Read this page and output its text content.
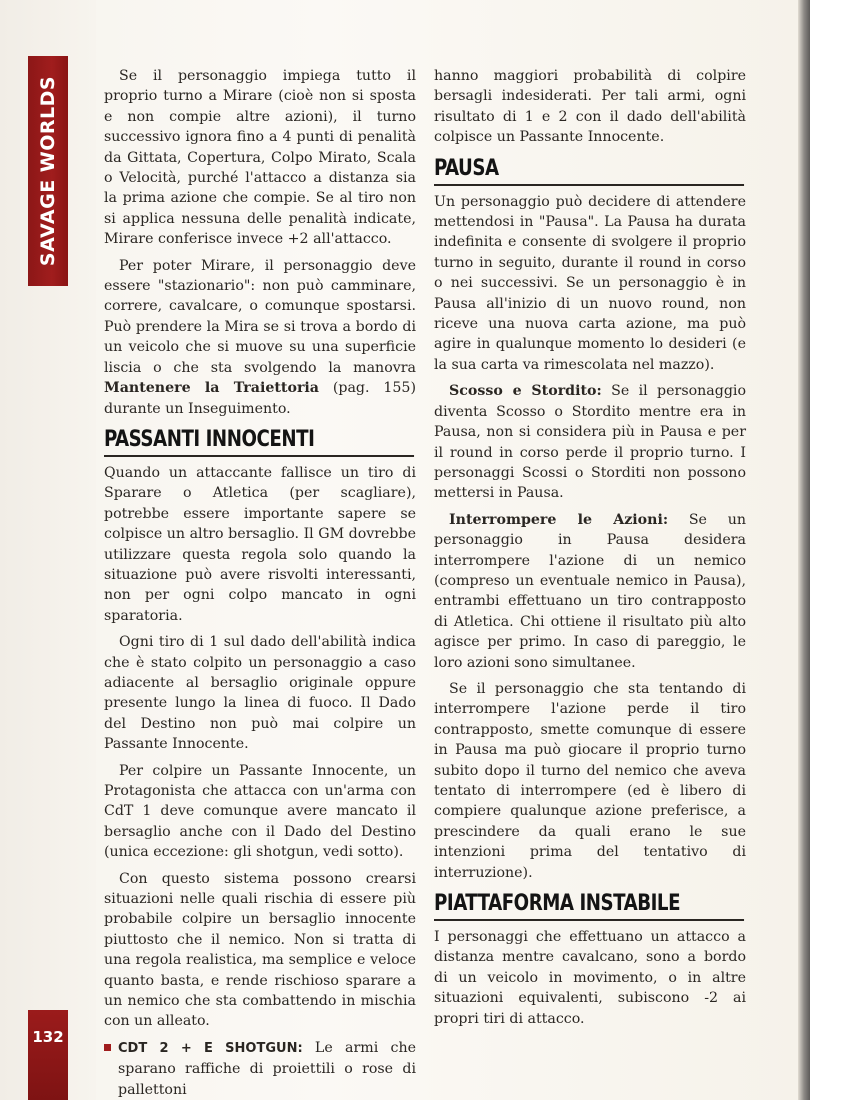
SAVAGE WORLDS
132

Se il personaggio impiega tutto il proprio turno a Mirare (cioè non si sposta e non compie altre azioni), il turno successivo ignora fino a 4 punti di penalità da Gittata, Copertura, Colpo Mirato, Scala o Velocità, purché l'attacco a distanza sia la prima azione che compie. Se al tiro non si applica nessuna delle penalità indicate, Mirare conferisce invece +2 all'attacco.

Per poter Mirare, il personaggio deve essere "stazionario": non può camminare, correre, cavalcare, o comunque spostarsi. Può prendere la Mira se si trova a bordo di un veicolo che si muove su una superficie liscia o che sta svolgendo la manovra Mantenere la Traiettoria (pag. 155) durante un Inseguimento.

PASSANTI INNOCENTI

Quando un attaccante fallisce un tiro di Sparare o Atletica (per scagliare), potrebbe essere importante sapere se colpisce un altro bersaglio. Il GM dovrebbe utilizzare questa regola solo quando la situazione può avere risvolti interessanti, non per ogni colpo mancato in ogni sparatoria.

Ogni tiro di 1 sul dado dell'abilità indica che è stato colpito un personaggio a caso adiacente al bersaglio originale oppure presente lungo la linea di fuoco. Il Dado del Destino non può mai colpire un Passante Innocente.

Per colpire un Passante Innocente, un Protagonista che attacca con un'arma con CdT 1 deve comunque avere mancato il bersaglio anche con il Dado del Destino (unica eccezione: gli shotgun, vedi sotto).

Con questo sistema possono crearsi situazioni nelle quali rischia di essere più probabile colpire un bersaglio innocente piuttosto che il nemico. Non si tratta di una regola realistica, ma semplice e veloce quanto basta, e rende rischioso sparare a un nemico che sta combattendo in mischia con un alleato.

CDT 2 + E SHOTGUN: Le armi che sparano raffiche di proiettili o rose di pallettoni

hanno maggiori probabilità di colpire bersagli indesiderati. Per tali armi, ogni risultato di 1 e 2 con il dado dell'abilità colpisce un Passante Innocente.

PAUSA

Un personaggio può decidere di attendere mettendosi in "Pausa". La Pausa ha durata indefinita e consente di svolgere il proprio turno in seguito, durante il round in corso o nei successivi. Se un personaggio è in Pausa all'inizio di un nuovo round, non riceve una nuova carta azione, ma può agire in qualunque momento lo desideri (e la sua carta va rimescolata nel mazzo).

Scosso e Stordito: Se il personaggio diventa Scosso o Stordito mentre era in Pausa, non si considera più in Pausa e per il round in corso perde il proprio turno. I personaggi Scossi o Storditi non possono mettersi in Pausa.

Interrompere le Azioni: Se un personaggio in Pausa desidera interrompere l'azione di un nemico (compreso un eventuale nemico in Pausa), entrambi effettuano un tiro contrapposto di Atletica. Chi ottiene il risultato più alto agisce per primo. In caso di pareggio, le loro azioni sono simultanee.

Se il personaggio che sta tentando di interrompere l'azione perde il tiro contrapposto, smette comunque di essere in Pausa ma può giocare il proprio turno subito dopo il turno del nemico che aveva tentato di interrompere (ed è libero di compiere qualunque azione preferisce, a prescindere da quali erano le sue intenzioni prima del tentativo di interruzione).

PIATTAFORMA INSTABILE

I personaggi che effettuano un attacco a distanza mentre cavalcano, sono a bordo di un veicolo in movimento, o in altre situazioni equivalenti, subiscono -2 ai propri tiri di attacco.
